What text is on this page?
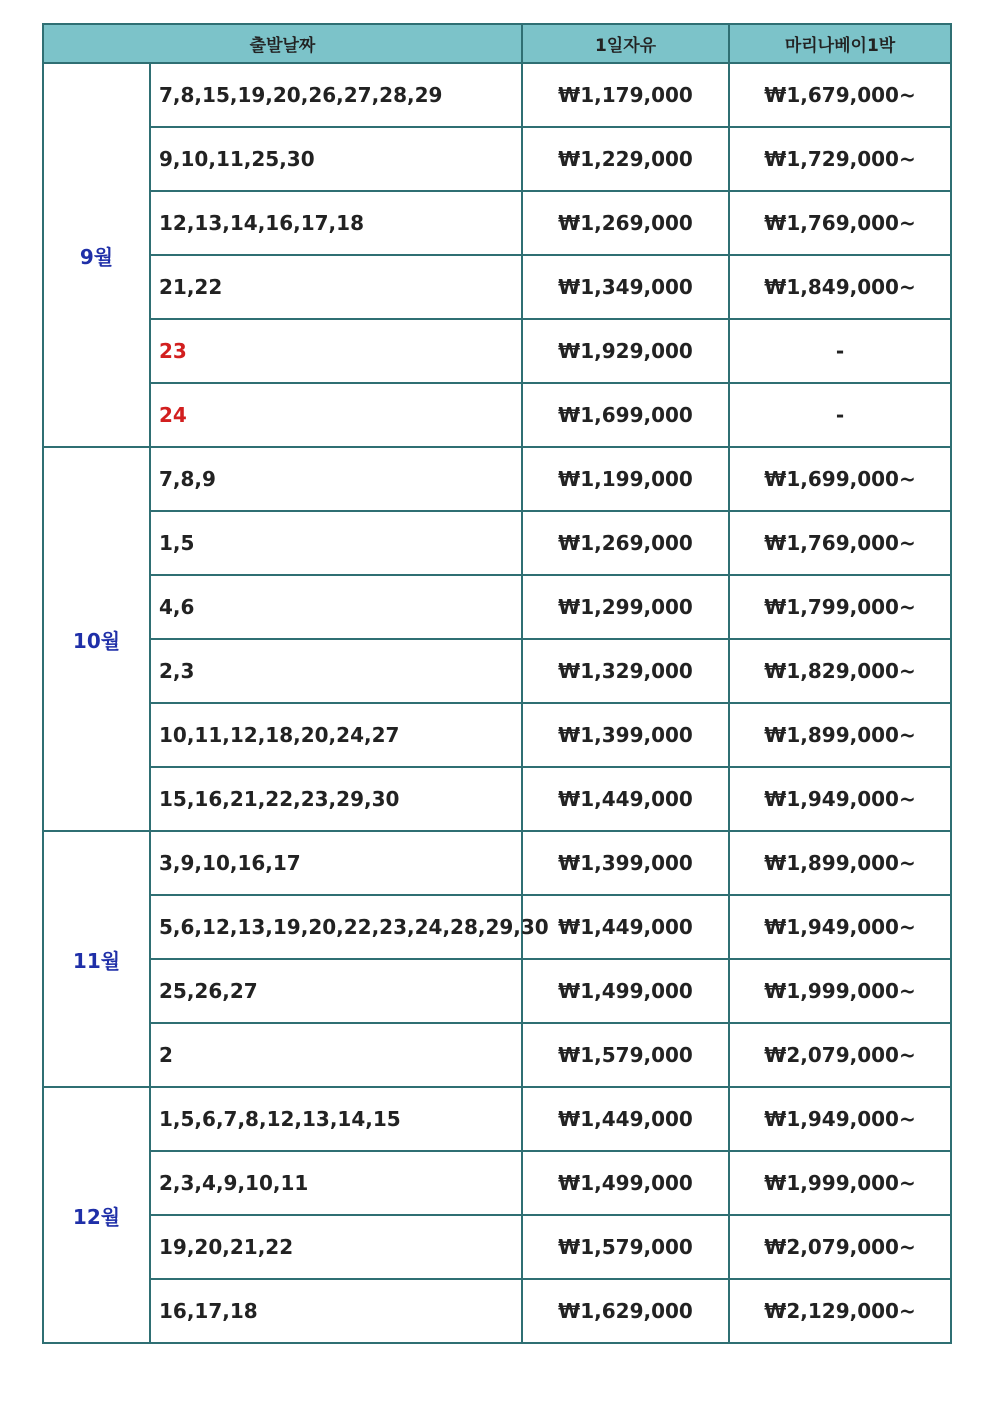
출발날짜		1일자유	마리나베이1박
9월	7,8,15,19,20,26,27,28,29	₩1,179,000	₩1,679,000~
	9,10,11,25,30	₩1,229,000	₩1,729,000~
	12,13,14,16,17,18	₩1,269,000	₩1,769,000~
	21,22	₩1,349,000	₩1,849,000~
	23	₩1,929,000	-
	24	₩1,699,000	-
10월	7,8,9	₩1,199,000	₩1,699,000~
	1,5	₩1,269,000	₩1,769,000~
	4,6	₩1,299,000	₩1,799,000~
	2,3	₩1,329,000	₩1,829,000~
	10,11,12,18,20,24,27	₩1,399,000	₩1,899,000~
	15,16,21,22,23,29,30	₩1,449,000	₩1,949,000~
11월	3,9,10,16,17	₩1,399,000	₩1,899,000~
	5,6,12,13,19,20,22,23,24,28,29,30	₩1,449,000	₩1,949,000~
	25,26,27	₩1,499,000	₩1,999,000~
	2	₩1,579,000	₩2,079,000~
12월	1,5,6,7,8,12,13,14,15	₩1,449,000	₩1,949,000~
	2,3,4,9,10,11	₩1,499,000	₩1,999,000~
	19,20,21,22	₩1,579,000	₩2,079,000~
	16,17,18	₩1,629,000	₩2,129,000~
